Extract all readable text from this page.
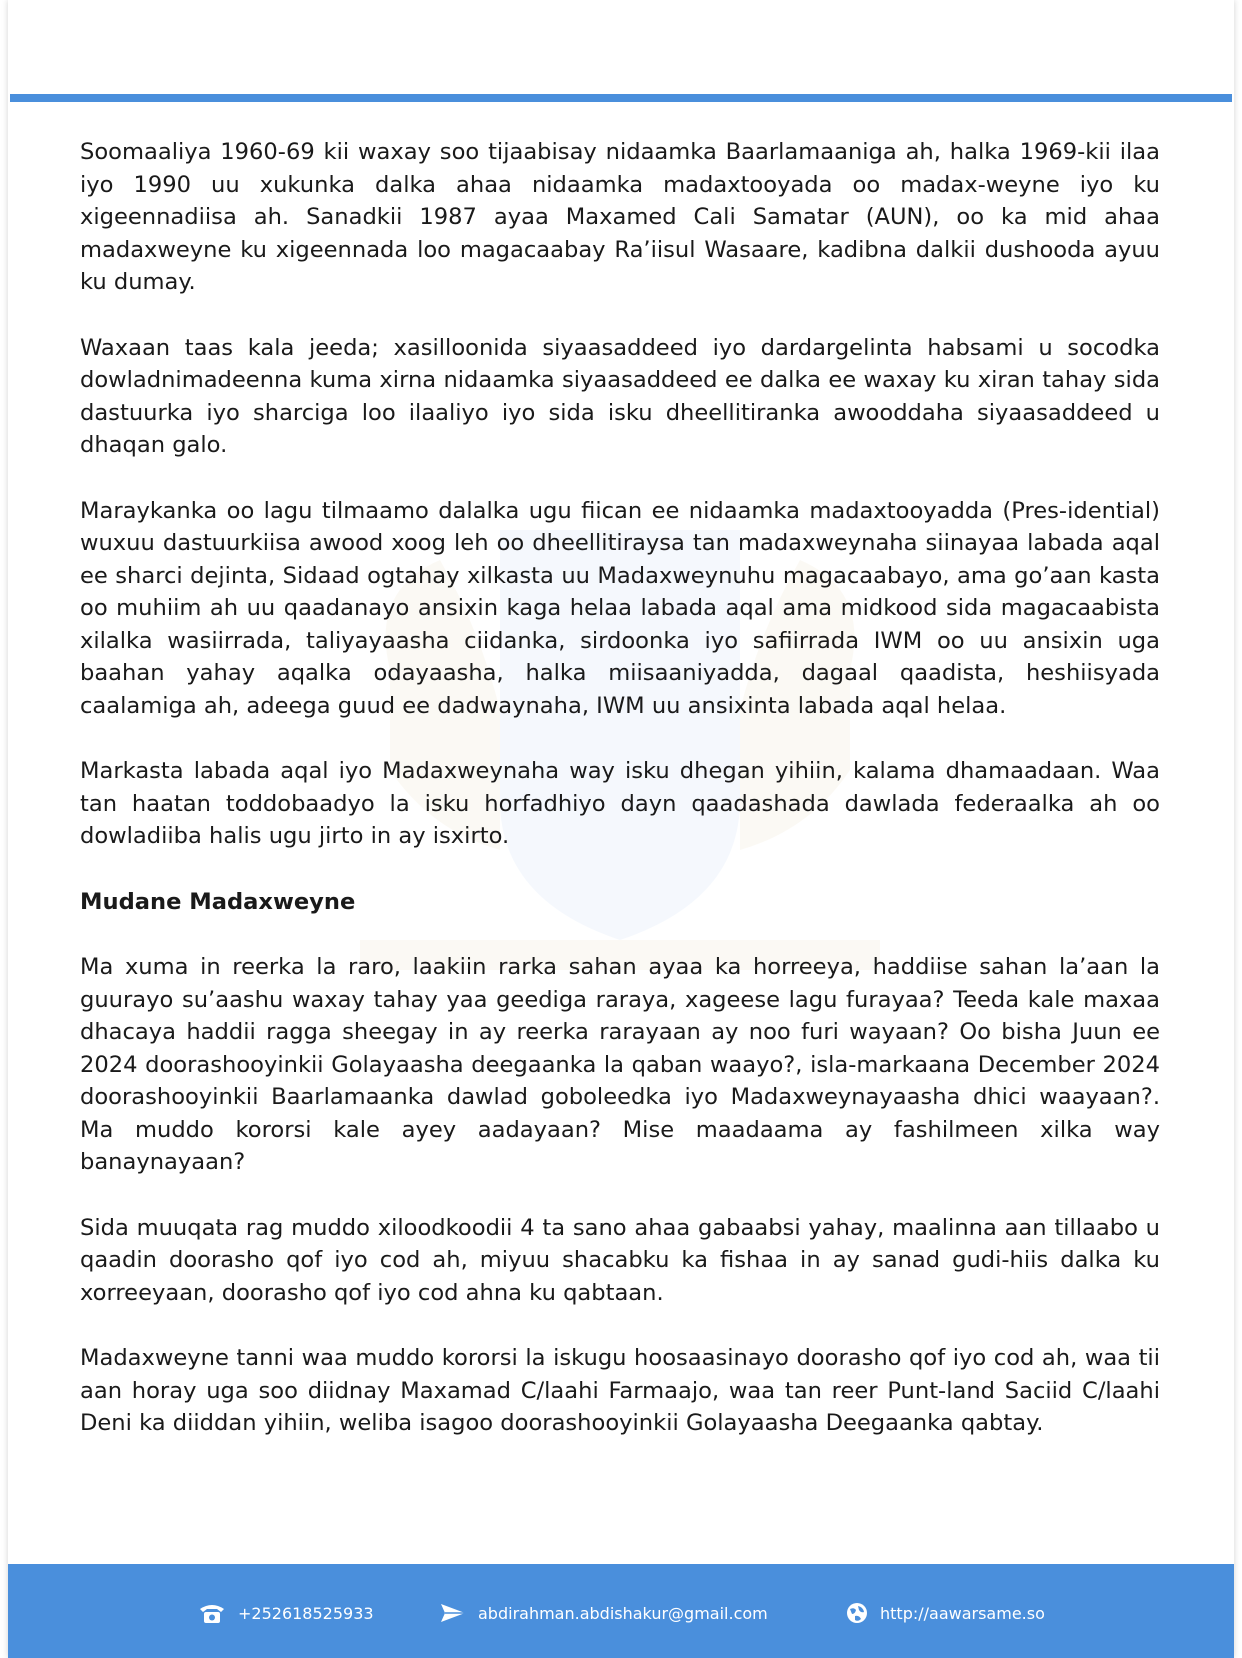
Soomaaliya 1960-69 kii waxay soo tijaabisay nidaamka Baarlamaaniga ah, halka 1969-kii ilaa iyo 1990 uu xukunka dalka ahaa nidaamka madaxtooyada oo madax-weyne iyo ku xigeennadiisa ah. Sanadkii 1987 ayaa Maxamed Cali Samatar (AUN), oo ka mid ahaa madaxweyne ku xigeennada loo magacaabay Ra’iisul Wasaare, kadibna dalkii dushooda ayuu ku dumay.

Waxaan taas kala jeeda; xasilloonida siyaasaddeed iyo dardargelinta habsami u socodka dowladnimadeenna kuma xirna nidaamka siyaasaddeed ee dalka ee waxay ku xiran tahay sida dastuurka iyo sharciga loo ilaaliyo iyo sida isku dheellitiranka awooddaha siyaasaddeed u dhaqan galo.

Maraykanka oo lagu tilmaamo dalalka ugu fiican ee nidaamka madaxtooyadda (Pres-idential) wuxuu dastuurkiisa awood xoog leh oo dheellitiraysa tan madaxweynaha siinayaa labada aqal ee sharci dejinta, Sidaad ogtahay xilkasta uu Madaxweynuhu magacaabayo, ama go’aan kasta oo muhiim ah uu qaadanayo ansixin kaga helaa labada aqal ama midkood sida magacaabista xilalka wasiirrada, taliyayaasha ciidanka, sirdoonka iyo safiirrada IWM oo uu ansixin uga baahan yahay aqalka odayaasha, halka miisaaniyadda, dagaal qaadista, heshiisyada caalamiga ah, adeega guud ee dadwaynaha, IWM uu ansixinta labada aqal helaa.

Markasta labada aqal iyo Madaxweynaha way isku dhegan yihiin, kalama dhamaadaan. Waa tan haatan toddobaadyo la isku horfadhiyo dayn qaadashada dawlada federaalka ah oo dowladiiba halis ugu jirto in ay isxirto.

Mudane Madaxweyne

Ma xuma in reerka la raro, laakiin rarka sahan ayaa ka horreeya, haddiise sahan la’aan la guurayo su’aashu waxay tahay yaa geediga raraya, xageese lagu furayaa? Teeda kale maxaa dhacaya haddii ragga sheegay in ay reerka rarayaan ay noo furi wayaan? Oo bisha Juun ee 2024 doorashooyinkii Golayaasha deegaanka la qaban waayo?, isla-markaana December 2024 doorashooyinkii Baarlamaanka dawlad goboleedka iyo Madaxweynayaasha dhici waayaan?. Ma muddo kororsi kale ayey aadayaan? Mise maadaama ay fashilmeen xilka way banaynayaan?

Sida muuqata rag muddo xiloodkoodii 4 ta sano ahaa gabaabsi yahay, maalinna aan tillaabo u qaadin doorasho qof iyo cod ah, miyuu shacabku ka fishaa in ay sanad gudi-hiis dalka ku xorreeyaan, doorasho qof iyo cod ahna ku qabtaan.

Madaxweyne tanni waa muddo kororsi la iskugu hoosaasinayo doorasho qof iyo cod ah, waa tii aan horay uga soo diidnay Maxamad C/laahi Farmaajo, waa tan reer Punt-land Saciid C/laahi Deni ka diiddan yihiin, weliba isagoo doorashooyinkii Golayaasha Deegaanka qabtay.

+252618525933	abdirahman.abdishakur@gmail.com	http://aawarsame.so
